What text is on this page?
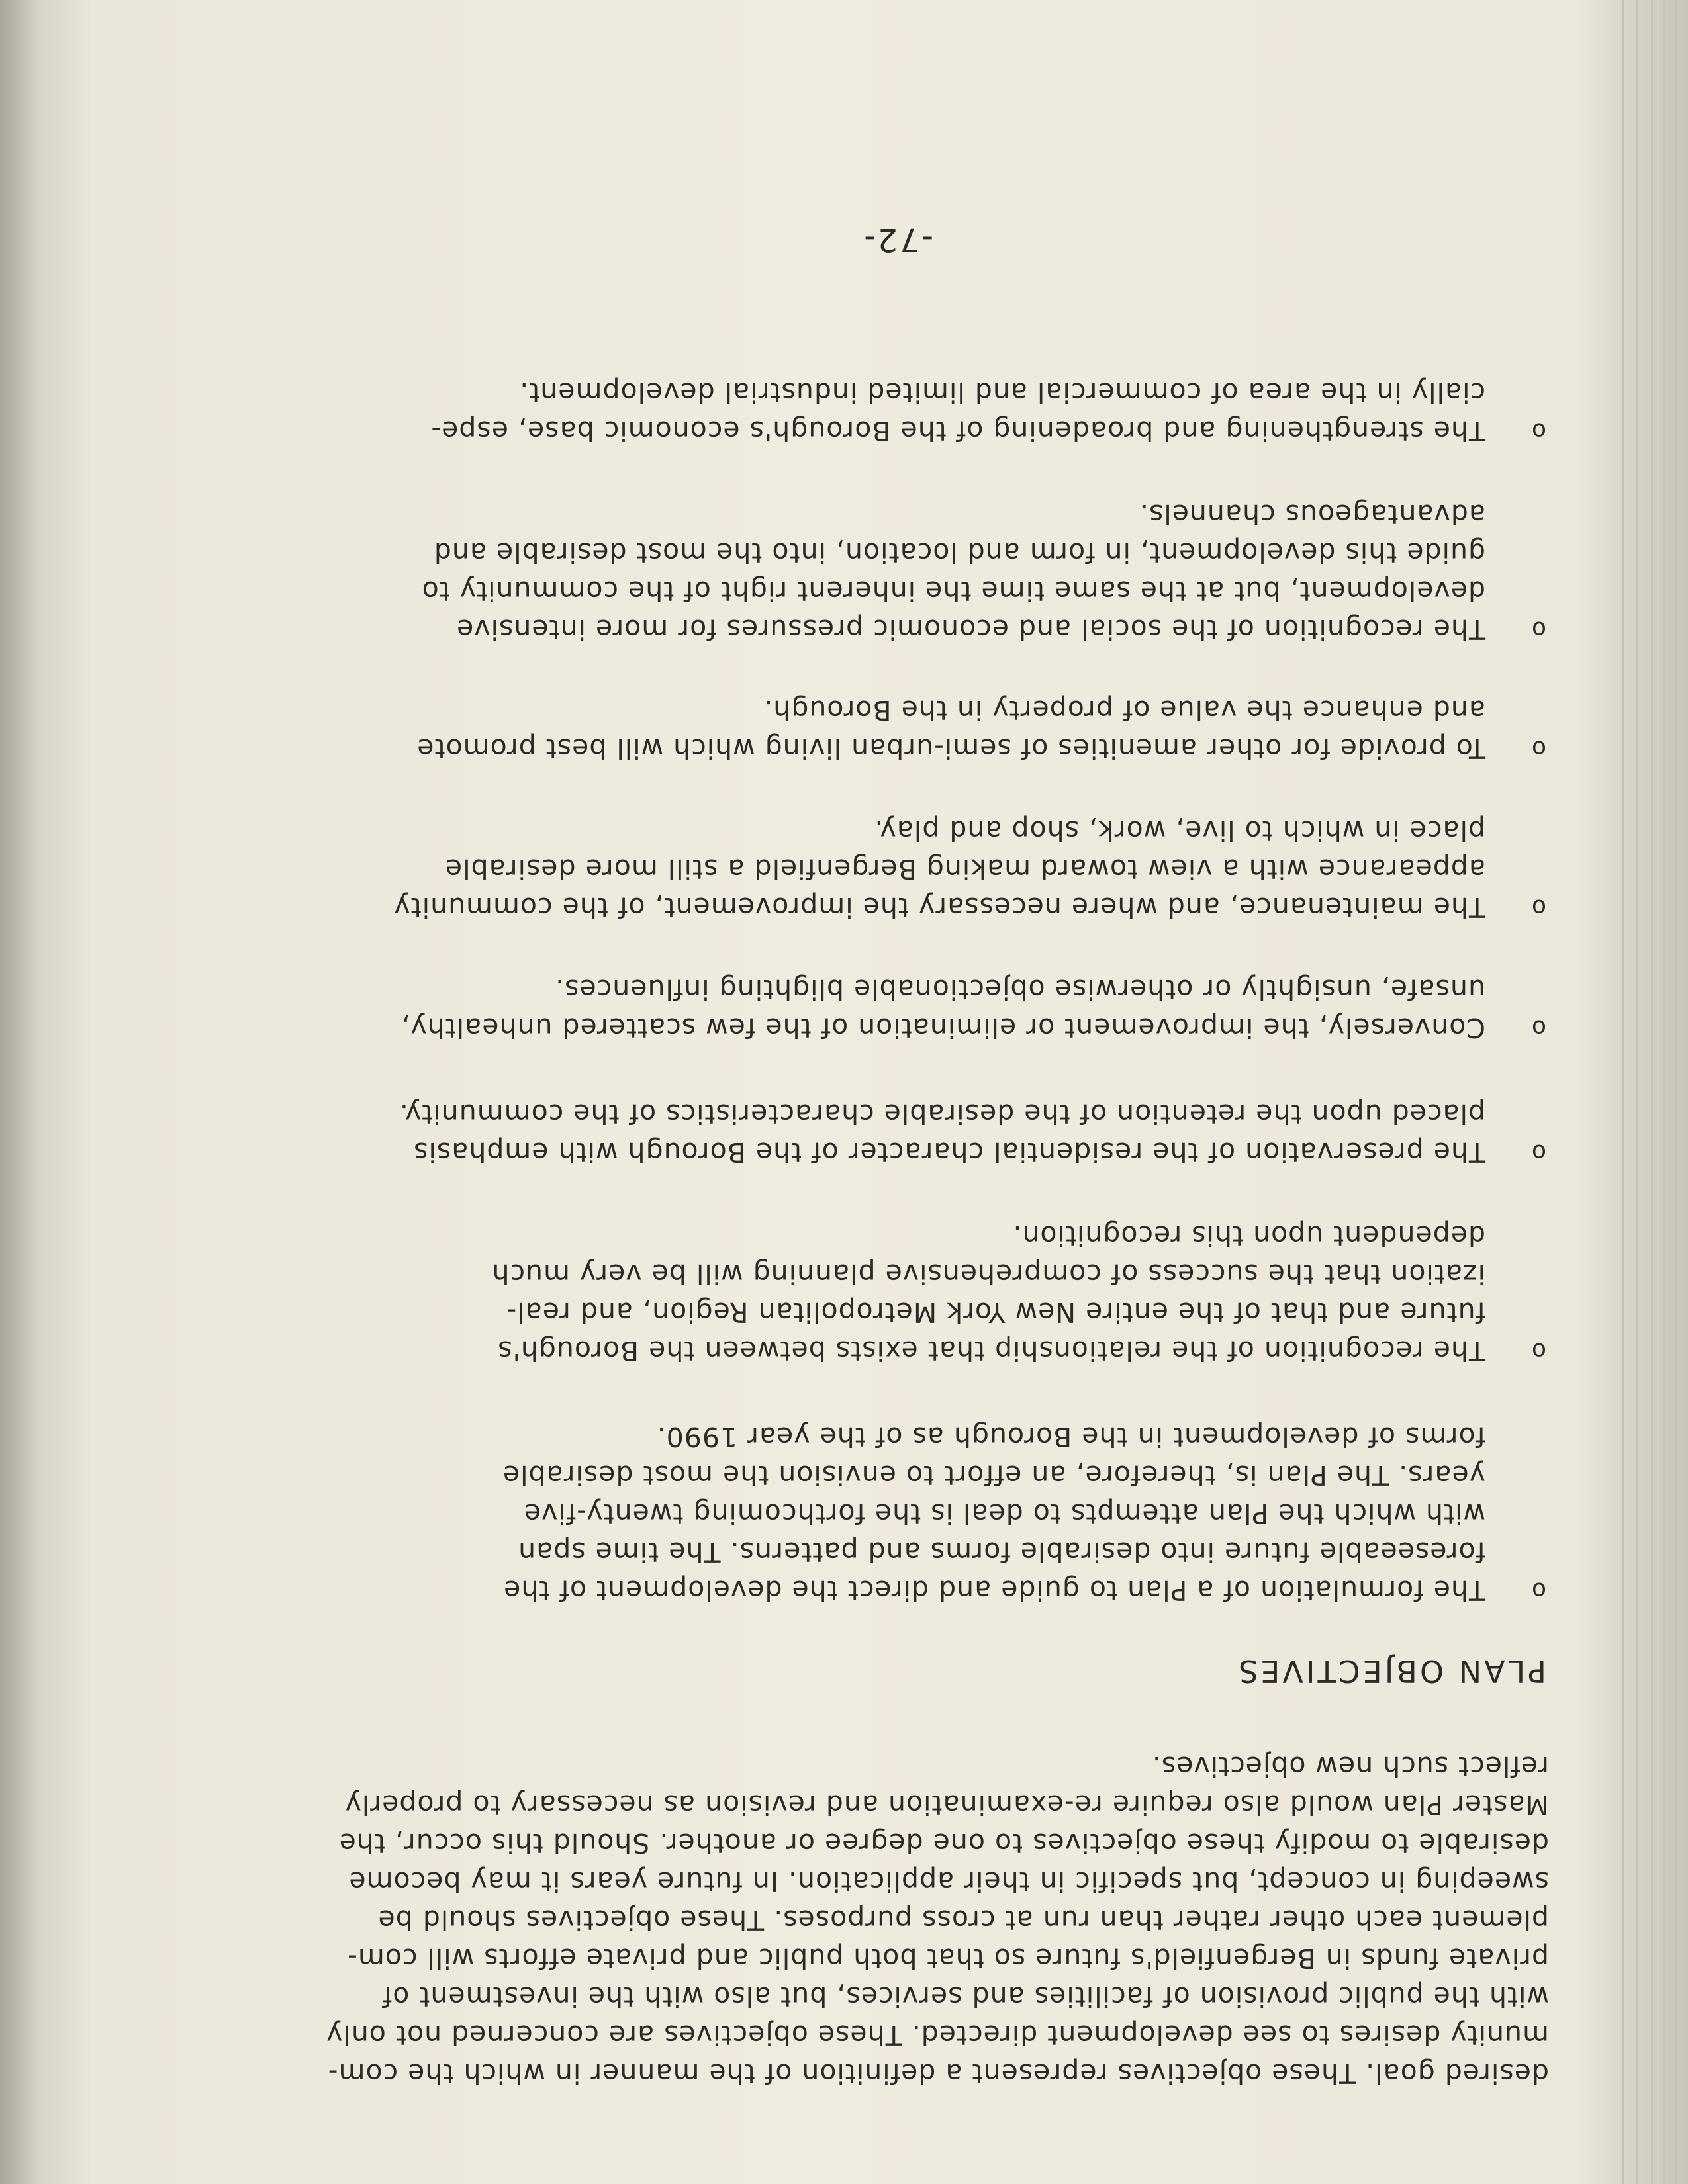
desired goal. These objectives represent a definition of the manner in which the com-
munity desires to see development directed. These objectives are concerned not only
with the public provision of facilities and services, but also with the investment of
private funds in Bergenfield's future so that both public and private efforts will com-
plement each other rather than run at cross purposes. These objectives should be
sweeping in concept, but specific in their application. In future years it may become
desirable to modify these objectives to one degree or another. Should this occur, the
Master Plan would also require re-examination and revision as necessary to properly
reflect such new objectives.
PLAN OBJECTIVES
o
The formulation of a Plan to guide and direct the development of the
foreseeable future into desirable forms and patterns. The time span
with which the Plan attempts to deal is the forthcoming twenty-five
years. The Plan is, therefore, an effort to envision the most desirable
forms of development in the Borough as of the year 1990.
o
The recognition of the relationship that exists between the Borough's
future and that of the entire New York Metropolitan Region, and real-
ization that the success of comprehensive planning will be very much
dependent upon this recognition.
o
The preservation of the residential character of the Borough with emphasis
placed upon the retention of the desirable characteristics of the community.
o
Conversely, the improvement or elimination of the few scattered unhealthy,
unsafe, unsightly or otherwise objectionable blighting influences.
o
The maintenance, and where necessary the improvement, of the community
appearance with a view toward making Bergenfield a still more desirable
place in which to live, work, shop and play.
o
To provide for other amenities of semi-urban living which will best promote
and enhance the value of property in the Borough.
o
The recognition of the social and economic pressures for more intensive
development, but at the same time the inherent right of the community to
guide this development, in form and location, into the most desirable and
advantageous channels.
o
The strengthening and broadening of the Borough's economic base, espe-
cially in the area of commercial and limited industrial development.
-72-
